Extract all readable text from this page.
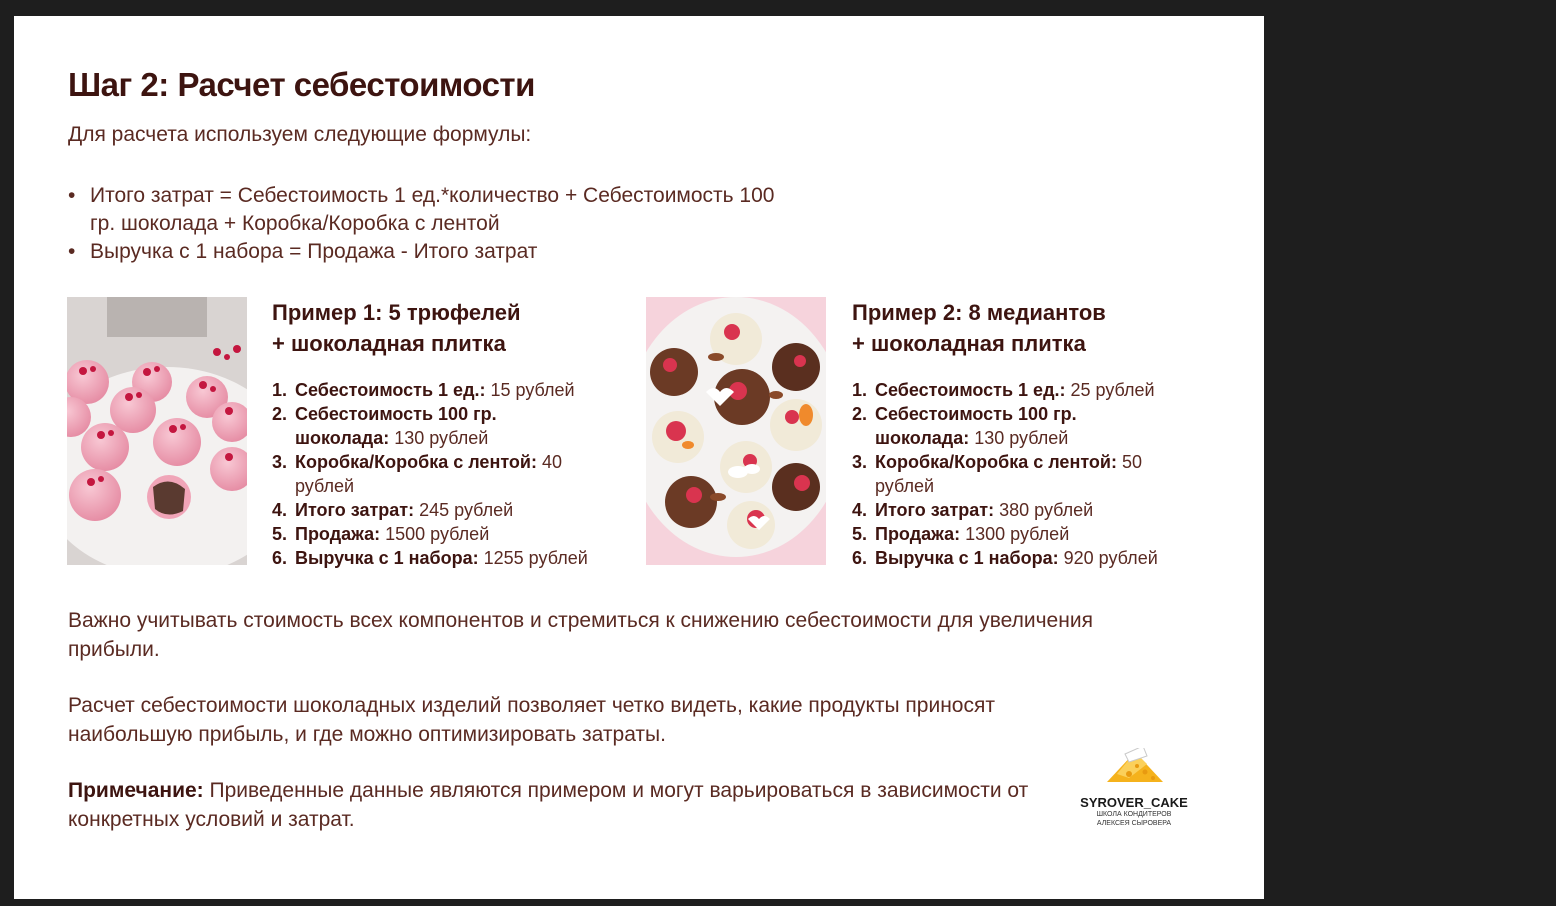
Шаг 2: Расчет себестоимости

Для расчета используем следующие формулы:

• Итого затрат = Себестоимость 1 ед.*количество + Себестоимость 100 гр. шоколада + Коробка/Коробка с лентой
• Выручка с 1 набора = Продажа - Итого затрат
Пример 1: 5 трюфелей
+ шоколадная плитка
1. Себестоимость 1 ед.: 15 рублей
2. Себестоимость 100 гр. шоколада: 130 рублей
3. Коробка/Коробка с лентой: 40 рублей
4. Итого затрат: 245 рублей
5. Продажа: 1500 рублей
6. Выручка с 1 набора: 1255 рублей
Пример 2: 8 медиантов
+ шоколадная плитка
1. Себестоимость 1 ед.: 25 рублей
2. Себестоимость 100 гр. шоколада: 130 рублей
3. Коробка/Коробка с лентой: 50 рублей
4. Итого затрат: 380 рублей
5. Продажа: 1300 рублей
6. Выручка с 1 набора: 920 рублей

Важно учитывать стоимость всех компонентов и стремиться к снижению себестоимости для увеличения прибыли.

Расчет себестоимости шоколадных изделий позволяет четко видеть, какие продукты приносят наибольшую прибыль, и где можно оптимизировать затраты.

Примечание: Приведенные данные являются примером и могут варьироваться в зависимости от конкретных условий и затрат.

SYROVER_CAKE
ШКОЛА КОНДИТЕРОВ
АЛЕКСЕЯ СЫРОВЕРА
